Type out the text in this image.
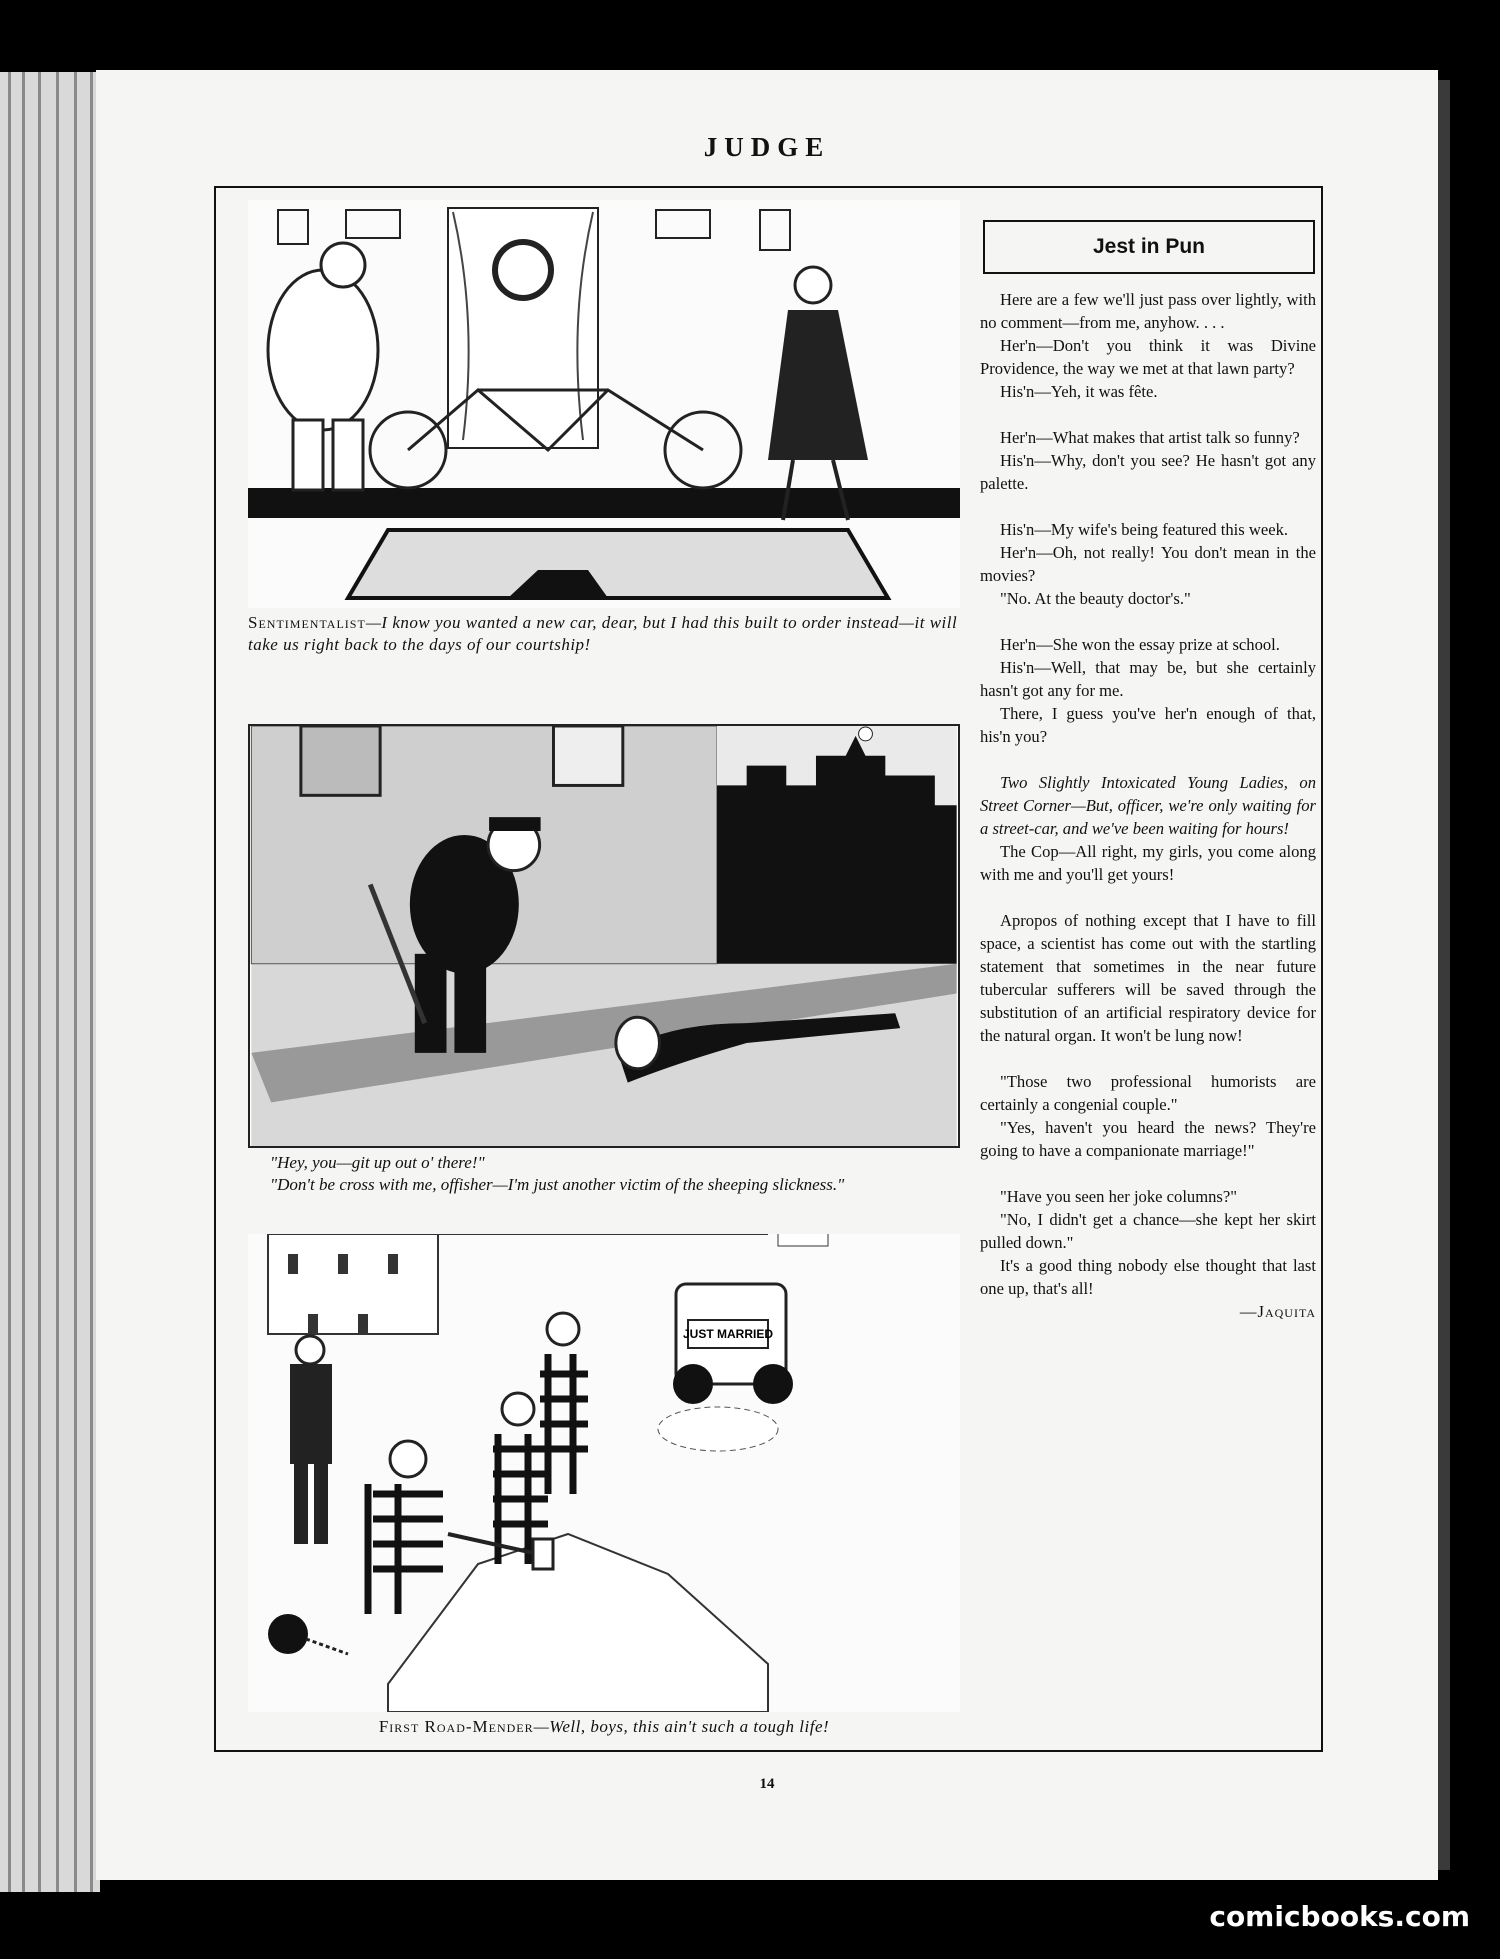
JUDGE
Sentimentalist—I know you wanted a new car, dear, but I had this built to order instead—it will take us right back to the days of our courtship!
"Hey, you—git up out o' there!"
"Don't be cross with me, offisher—I'm just another victim of the sheeping slickness."
JUST MARRIED
First Road-Mender—Well, boys, this ain't such a tough life!
Jest in Pun

Here are a few we'll just pass over lightly, with no comment—from me, anyhow. . . .

Her'n—Don't you think it was Divine Providence, the way we met at that lawn party?

His'n—Yeh, it was fête.

Her'n—What makes that artist talk so funny?

His'n—Why, don't you see? He hasn't got any palette.

His'n—My wife's being featured this week.

Her'n—Oh, not really! You don't mean in the movies?

"No. At the beauty doctor's."

Her'n—She won the essay prize at school.

His'n—Well, that may be, but she certainly hasn't got any for me.

There, I guess you've her'n enough of that, his'n you?

Two Slightly Intoxicated Young Ladies, on Street Corner—But, officer, we're only waiting for a street-car, and we've been waiting for hours!

The Cop—All right, my girls, you come along with me and you'll get yours!

Apropos of nothing except that I have to fill space, a scientist has come out with the startling statement that sometimes in the near future tubercular sufferers will be saved through the substitution of an artificial respiratory device for the natural organ. It won't be lung now!

"Those two professional humorists are certainly a congenial couple."

"Yes, haven't you heard the news? They're going to have a companionate marriage!"

"Have you seen her joke columns?"

"No, I didn't get a chance—she kept her skirt pulled down."

It's a good thing nobody else thought that last one up, that's all!

—Jaquita
14
comicbooks.com
